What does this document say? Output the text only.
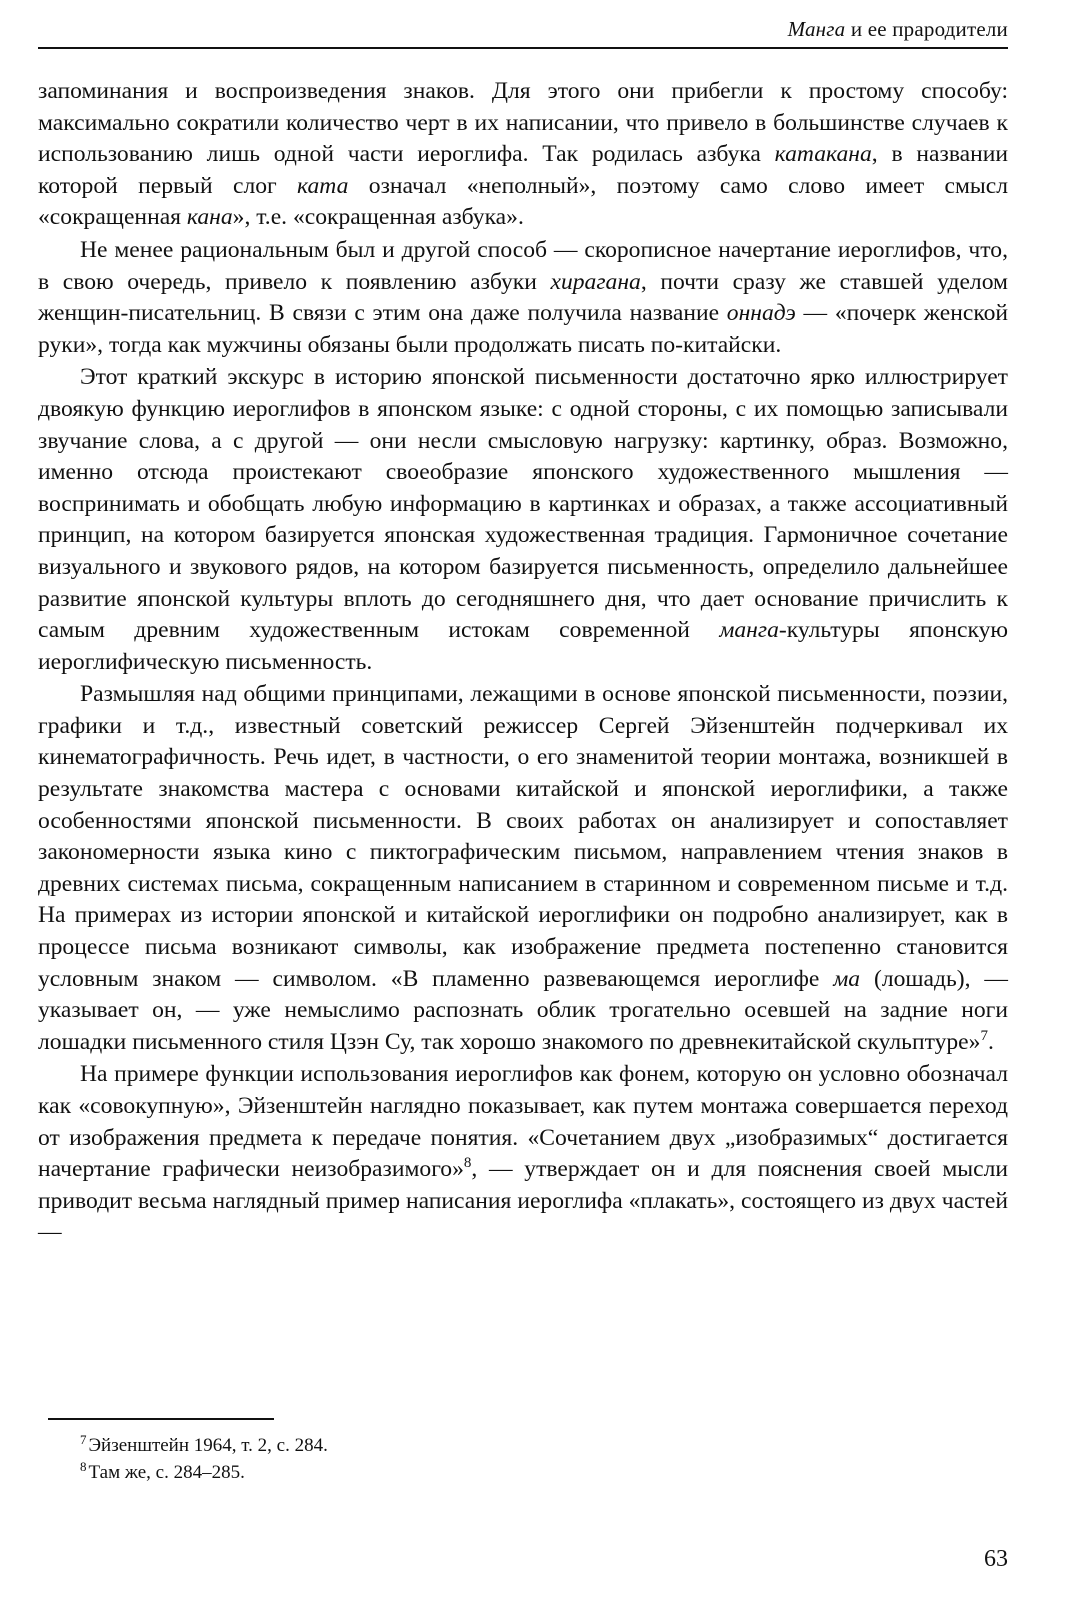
Манга и ее прародители

запоминания и воспроизведения знаков. Для этого они прибегли к простому способу: максимально сократили количество черт в их написании, что привело в большинстве случаев к использованию лишь одной части иероглифа. Так родилась азбука катакана, в названии которой первый слог ката означал «неполный», поэтому само слово имеет смысл «сокращенная кана», т.е. «сокращенная азбука».

Не менее рациональным был и другой способ — скорописное начертание иероглифов, что, в свою очередь, привело к появлению азбуки хирагана, почти сразу же ставшей уделом женщин-писательниц. В связи с этим она даже получила название оннадэ — «почерк женской руки», тогда как мужчины обязаны были продолжать писать по-китайски.

Этот краткий экскурс в историю японской письменности достаточно ярко иллюстрирует двоякую функцию иероглифов в японском языке: с одной стороны, с их помощью записывали звучание слова, а с другой — они несли смысловую нагрузку: картинку, образ. Возможно, именно отсюда проистекают своеобразие японского художественного мышления — воспринимать и обобщать любую информацию в картинках и образах, а также ассоциативный принцип, на котором базируется японская художественная традиция. Гармоничное сочетание визуального и звукового рядов, на котором базируется письменность, определило дальнейшее развитие японской культуры вплоть до сегодняшнего дня, что дает основание причислить к самым древним художественным истокам современной манга-культуры японскую иероглифическую письменность.

Размышляя над общими принципами, лежащими в основе японской письменности, поэзии, графики и т.д., известный советский режиссер Сергей Эйзенштейн подчеркивал их кинематографичность. Речь идет, в частности, о его знаменитой теории монтажа, возникшей в результате знакомства мастера с основами китайской и японской иероглифики, а также особенностями японской письменности. В своих работах он анализирует и сопоставляет закономерности языка кино с пиктографическим письмом, направлением чтения знаков в древних системах письма, сокращенным написанием в старинном и современном письме и т.д. На примерах из истории японской и китайской иероглифики он подробно анализирует, как в процессе письма возникают символы, как изображение предмета постепенно становится условным знаком — символом. «В пламенно развевающемся иероглифе ма (лошадь), — указывает он, — уже немыслимо распознать облик трогательно осевшей на задние ноги лошадки письменного стиля Цзэн Су, так хорошо знакомого по древнекитайской скульптуре»$^7$.

На примере функции использования иероглифов как фонем, которую он условно обозначал как «совокупную», Эйзенштейн наглядно показывает, как путем монтажа совершается переход от изображения предмета к передаче понятия. «Сочетанием двух „изобразимых“ достигается начертание графически неизобразимого»$^8$, — утверждает он и для пояснения своей мысли приводит весьма наглядный пример написания иероглифа «плакать», состоящего из двух частей —

$^7$ Эйзенштейн 1964, т. 2, с. 284.

$^8$ Там же, с. 284–285.

63
